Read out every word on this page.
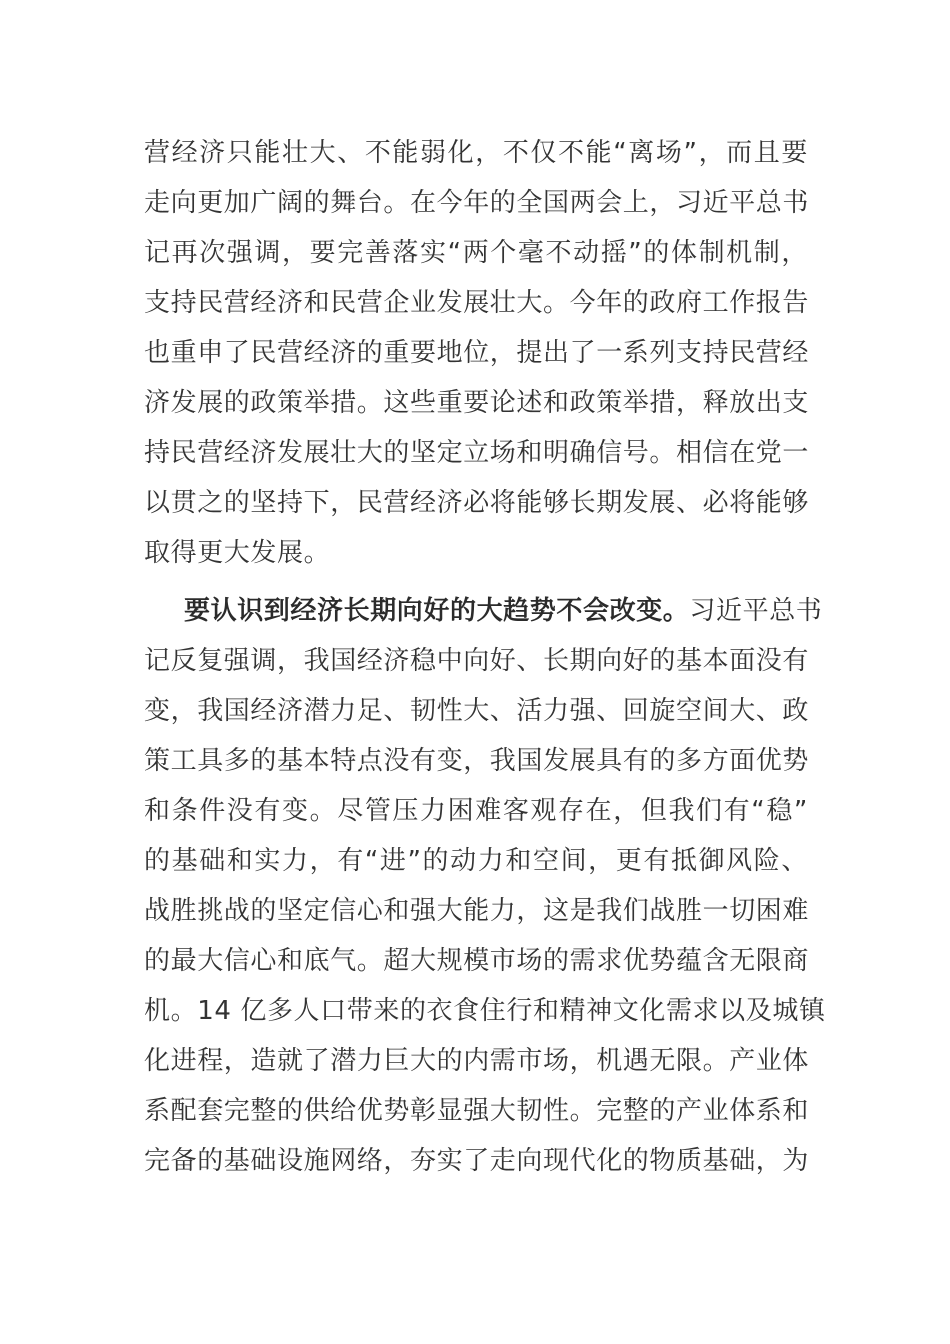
营经济只能壮大、不能弱化，不仅不能“离场”，而且要
走向更加广阔的舞台。在今年的全国两会上，习近平总书
记再次强调，要完善落实“两个毫不动摇”的体制机制，
支持民营经济和民营企业发展壮大。今年的政府工作报告
也重申了民营经济的重要地位，提出了一系列支持民营经
济发展的政策举措。这些重要论述和政策举措，释放出支
持民营经济发展壮大的坚定立场和明确信号。相信在党一
以贯之的坚持下，民营经济必将能够长期发展、必将能够
取得更大发展。
要认识到经济长期向好的大趋势不会改变。习近平总书
记反复强调，我国经济稳中向好、长期向好的基本面没有
变，我国经济潜力足、韧性大、活力强、回旋空间大、政
策工具多的基本特点没有变，我国发展具有的多方面优势
和条件没有变。尽管压力困难客观存在，但我们有“稳”
的基础和实力，有“进”的动力和空间，更有抵御风险、
战胜挑战的坚定信心和强大能力，这是我们战胜一切困难
的最大信心和底气。超大规模市场的需求优势蕴含无限商
机。14 亿多人口带来的衣食住行和精神文化需求以及城镇
化进程，造就了潜力巨大的内需市场，机遇无限。产业体
系配套完整的供给优势彰显强大韧性。完整的产业体系和
完备的基础设施网络，夯实了走向现代化的物质基础，为
